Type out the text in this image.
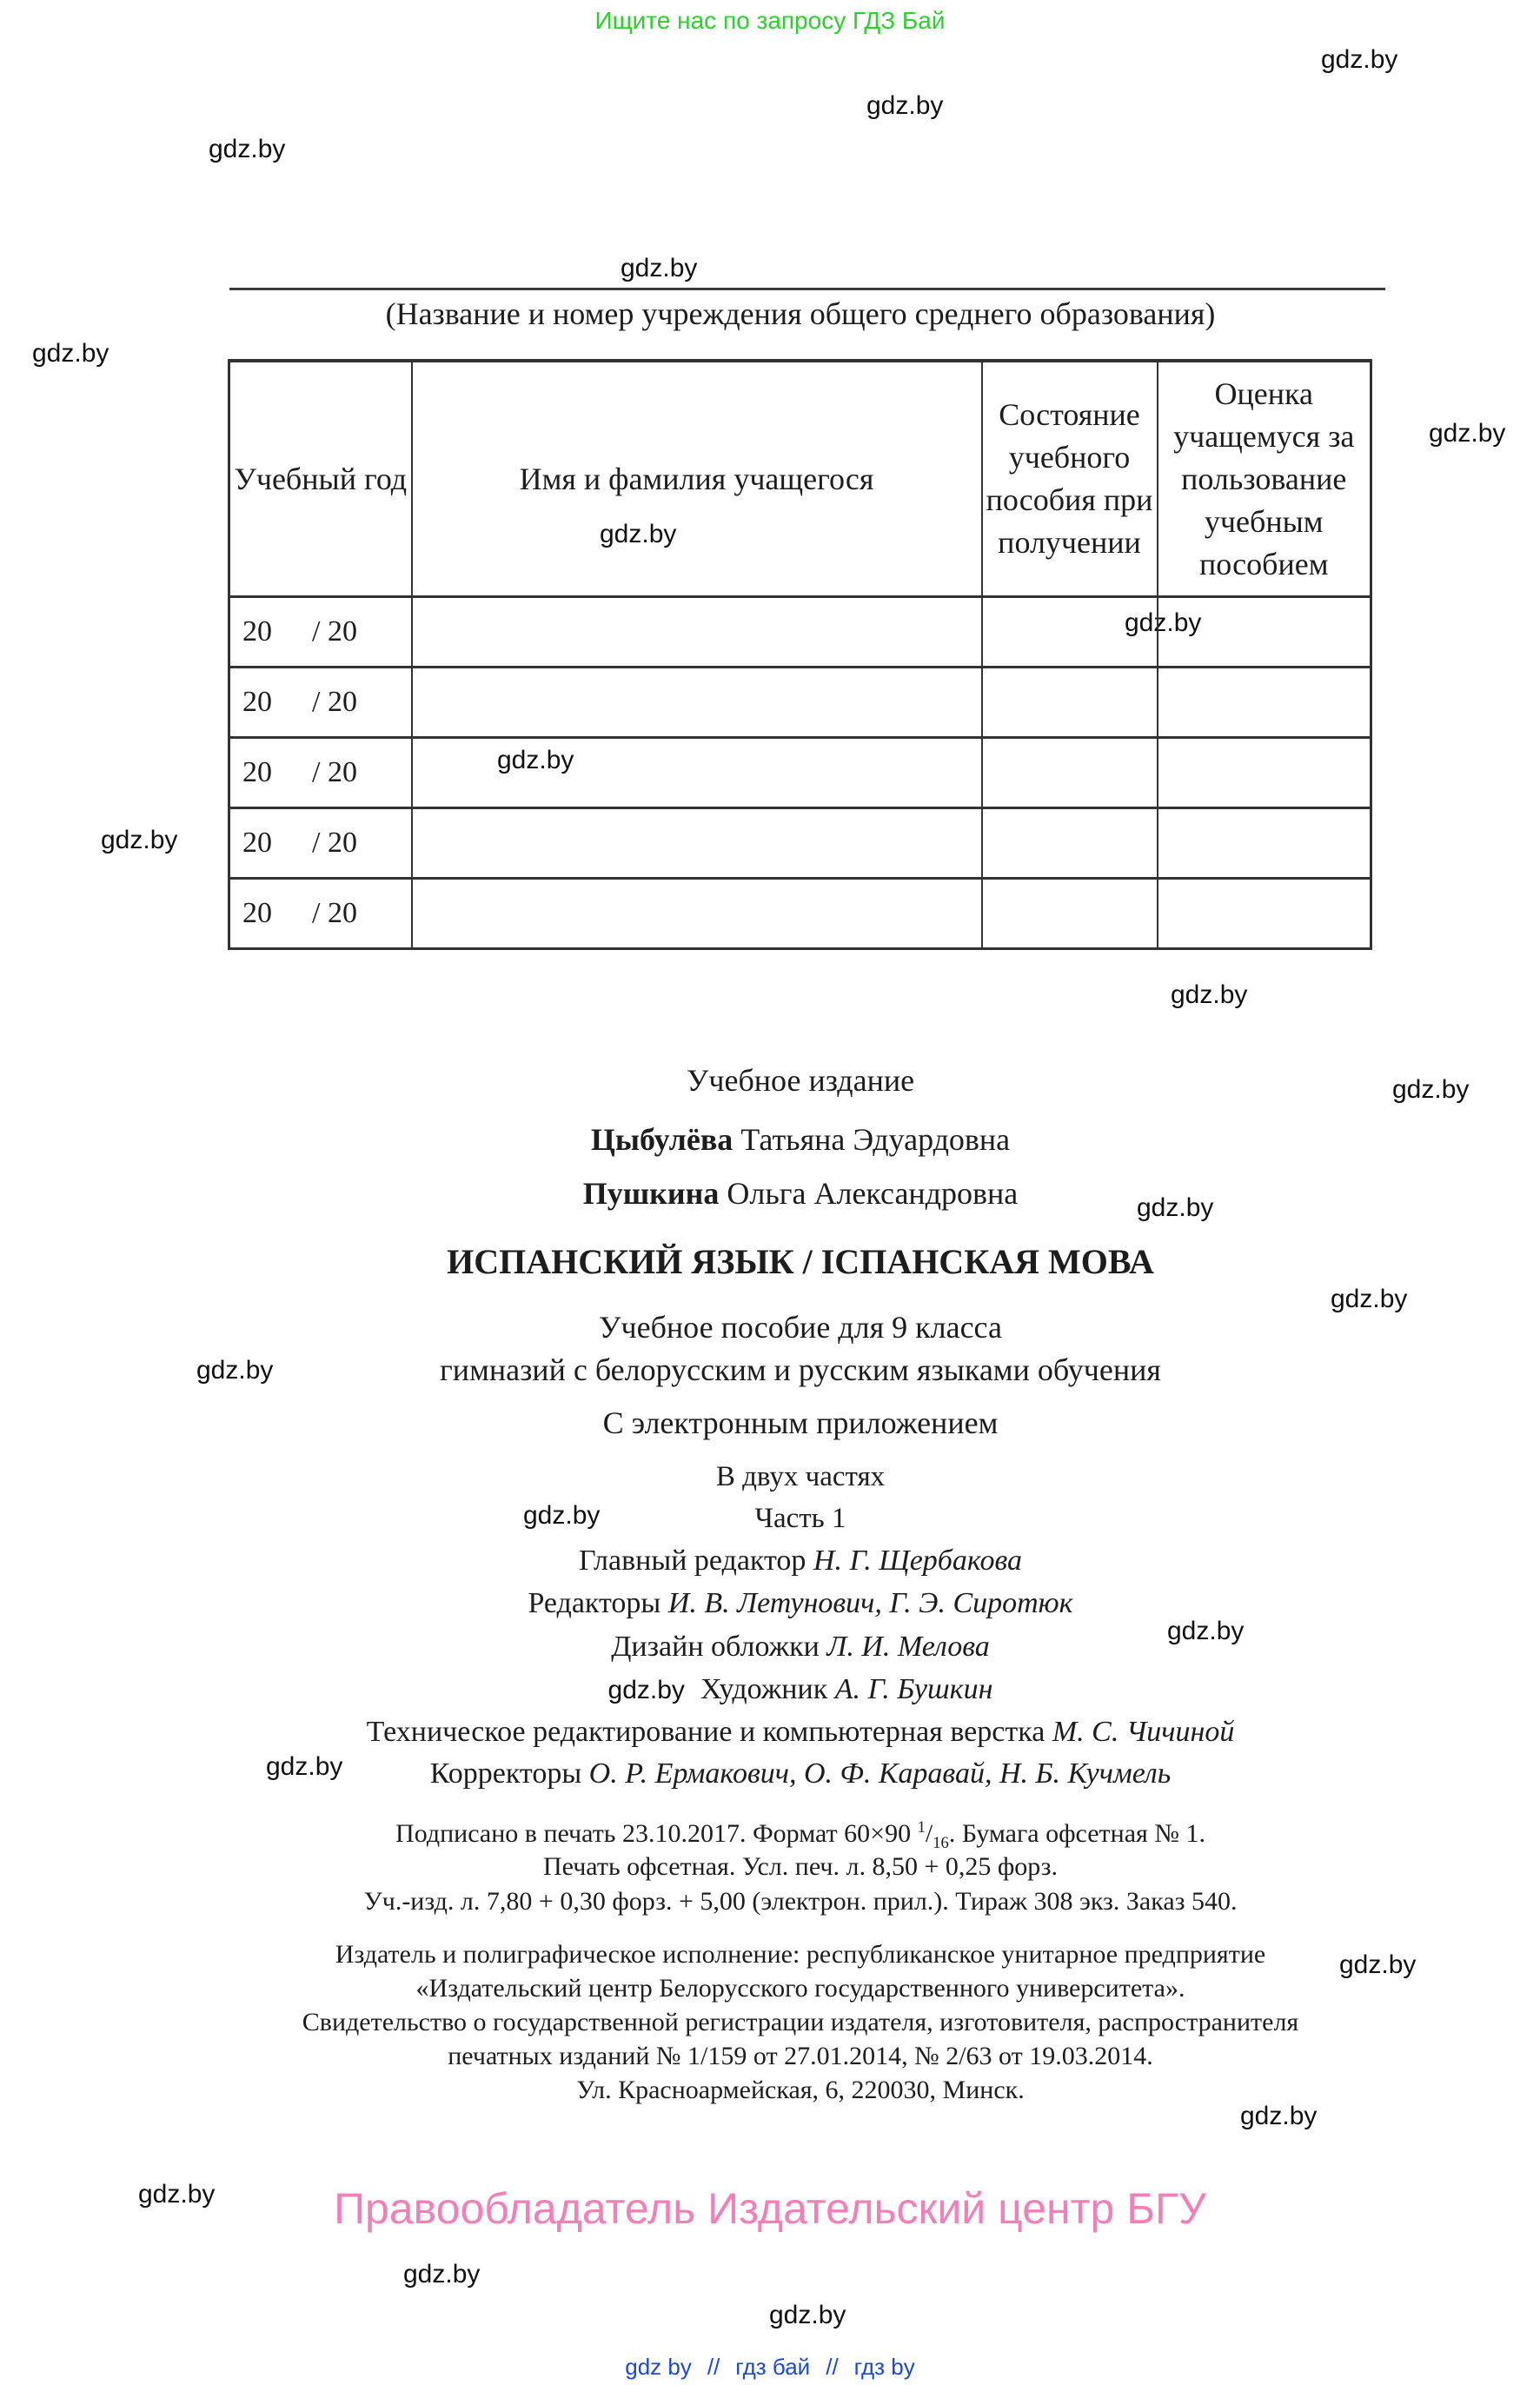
Ищите нас по запросу ГДЗ Бай
gdz.by
gdz.by
gdz.by
gdz.by
gdz.by
gdz.by
gdz.by
gdz.by
gdz.by
gdz.by
gdz.by
gdz.by
gdz.by
gdz.by
gdz.by
gdz.by
gdz.by
gdz.by
gdz.by
gdz.by
gdz.by
gdz.by
gdz.by
(Название и номер учреждения общего среднего образования)
Учебный год	Имя и фамилия учащегося	Состояние учебного пособия при получении	Оценка учащемуся за пользование учебным пособием
20 / 20			
20 / 20			
20 / 20			
20 / 20			
20 / 20			
Учебное издание
Цыбулёва Татьяна Эдуардовна
Пушкина Ольга Александровна
ИСПАНСКИЙ ЯЗЫК / ІСПАНСКАЯ МОВА
Учебное пособие для 9 класса
гимназий с белорусским и русским языками обучения
С электронным приложением
В двух частях
Часть 1
Главный редактор Н. Г. Щербакова
Редакторы И. В. Летунович, Г. Э. Сиротюк
Дизайн обложки Л. И. Мелова
gdz.by Художник А. Г. Бушкин
Техническое редактирование и компьютерная верстка М. С. Чичиной
Корректоры О. Р. Ермакович, О. Ф. Каравай, Н. Б. Кучмель
Подписано в печать 23.10.2017. Формат 60×90 $^1/_{16}$. Бумага офсетная № 1.
Печать офсетная. Усл. печ. л. 8,50 + 0,25 форз.
Уч.-изд. л. 7,80 + 0,30 форз. + 5,00 (электрон. прил.). Тираж 308 экз. Заказ 540.
Издатель и полиграфическое исполнение: республиканское унитарное предприятие
«Издательский центр Белорусского государственного университета».
Свидетельство о государственной регистрации издателя, изготовителя, распространителя
печатных изданий № 1/159 от 27.01.2014, № 2/63 от 19.03.2014.
Ул. Красноармейская, 6, 220030, Минск.
Правообладатель Издательский центр БГУ
gdz by // гдз бай // гдз by
